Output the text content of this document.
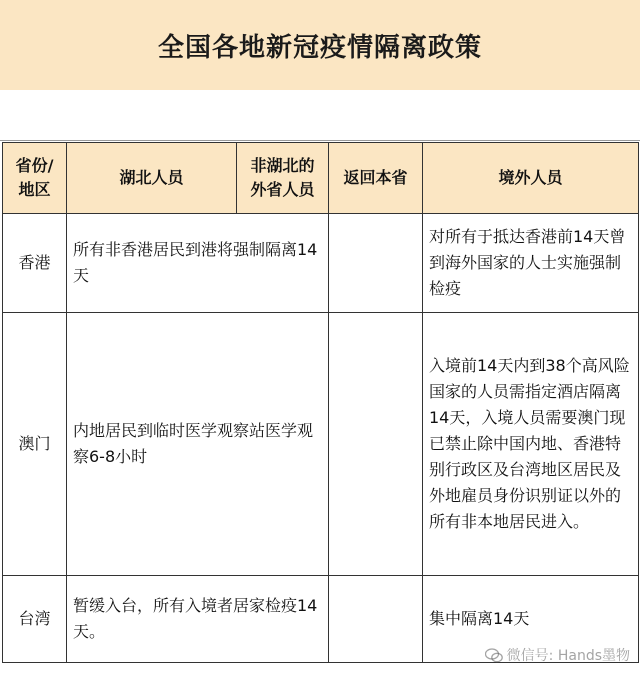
全国各地新冠疫情隔离政策
省份/地区	湖北人员	非湖北的外省人员	返回本省	境外人员
香港	所有非香港居民到港将强制隔离14天			对所有于抵达香港前14天曾到海外国家的人士实施强制检疫
澳门	内地居民到临时医学观察站医学观察6-8小时			入境前14天内到38个高风险国家的人员需指定酒店隔离14天，入境人员需要澳门现已禁止除中国内地、香港特别行政区及台湾地区居民及外地雇员身份识别证以外的所有非本地居民进入。
台湾	暂缓入台，所有入境者居家检疫14天。			集中隔离14天
微信号: Hands墨物
